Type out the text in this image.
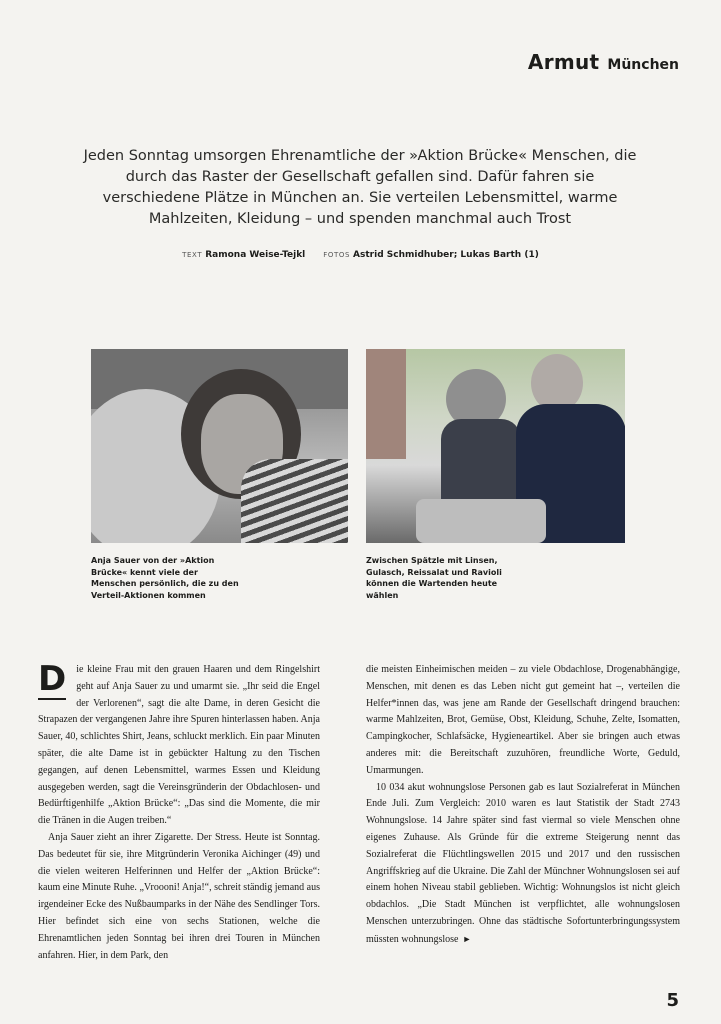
Armut München
Jeden Sonntag umsorgen Ehrenamtliche der »Aktion Brücke« Menschen, die durch das Raster der Gesellschaft gefallen sind. Dafür fahren sie verschiedene Plätze in München an. Sie verteilen Lebensmittel, warme Mahlzeiten, Kleidung – und spenden manchmal auch Trost
TEXT Ramona Weise-Tejkl	FOTOS Astrid Schmidhuber; Lukas Barth (1)
Anja Sauer von der »Aktion Brücke« kennt viele der Menschen persönlich, die zu den Verteil-Aktionen kommen
Zwischen Spätzle mit Linsen, Gulasch, Reissalat und Ravioli können die Wartenden heute wählen

D ie kleine Frau mit den grauen Haaren und dem Ringelshirt geht auf Anja Sauer zu und umarmt sie. „Ihr seid die Engel der Verlorenen“, sagt die alte Dame, in deren Gesicht die Strapazen der vergangenen Jahre ihre Spuren hinterlassen haben. Anja Sauer, 40, schlichtes Shirt, Jeans, schluckt merklich. Ein paar Minuten später, die alte Dame ist in gebückter Haltung zu den Tischen gegangen, auf denen Lebensmittel, warmes Essen und Kleidung ausgegeben werden, sagt die Vereinsgründerin der Obdachlosen- und Bedürftigenhilfe „Aktion Brücke“: „Das sind die Momente, die mir die Tränen in die Augen treiben.“

Anja Sauer zieht an ihrer Zigarette. Der Stress. Heute ist Sonntag. Das bedeutet für sie, ihre Mitgründerin Veronika Aichinger (49) und die vielen weiteren Helferinnen und Helfer der „Aktion Brücke“: kaum eine Minute Ruhe. „Vroooni! Anja!“, schreit ständig jemand aus irgendeiner Ecke des Nußbaumparks in der Nähe des Sendlinger Tors. Hier befindet sich eine von sechs Stationen, welche die Ehrenamtlichen jeden Sonntag bei ihren drei Touren in München anfahren. Hier, in dem Park, den

die meisten Einheimischen meiden – zu viele Obdachlose, Drogenabhängige, Menschen, mit denen es das Leben nicht gut gemeint hat –, verteilen die Helfer*innen das, was jene am Rande der Gesellschaft dringend brauchen: warme Mahlzeiten, Brot, Gemüse, Obst, Kleidung, Schuhe, Zelte, Isomatten, Campingkocher, Schlafsäcke, Hygieneartikel. Aber sie bringen auch etwas anderes mit: die Bereitschaft zuzuhören, freundliche Worte, Geduld, Umarmungen.

10 034 akut wohnungslose Personen gab es laut Sozialreferat in München Ende Juli. Zum Vergleich: 2010 waren es laut Statistik der Stadt 2743 Wohnungslose. 14 Jahre später sind fast viermal so viele Menschen ohne eigenes Zuhause. Als Gründe für die extreme Steigerung nennt das Sozialreferat die Flüchtlingswellen 2015 und 2017 und den russischen Angriffskrieg auf die Ukraine. Die Zahl der Münchner Wohnungslosen sei auf einem hohen Niveau stabil geblieben. Wichtig: Wohnungslos ist nicht gleich obdachlos. „Die Stadt München ist verpflichtet, alle wohnungslosen Menschen unterzubringen. Ohne das städtische Sofortunterbringungssystem müssten wohnungslose ►

5
